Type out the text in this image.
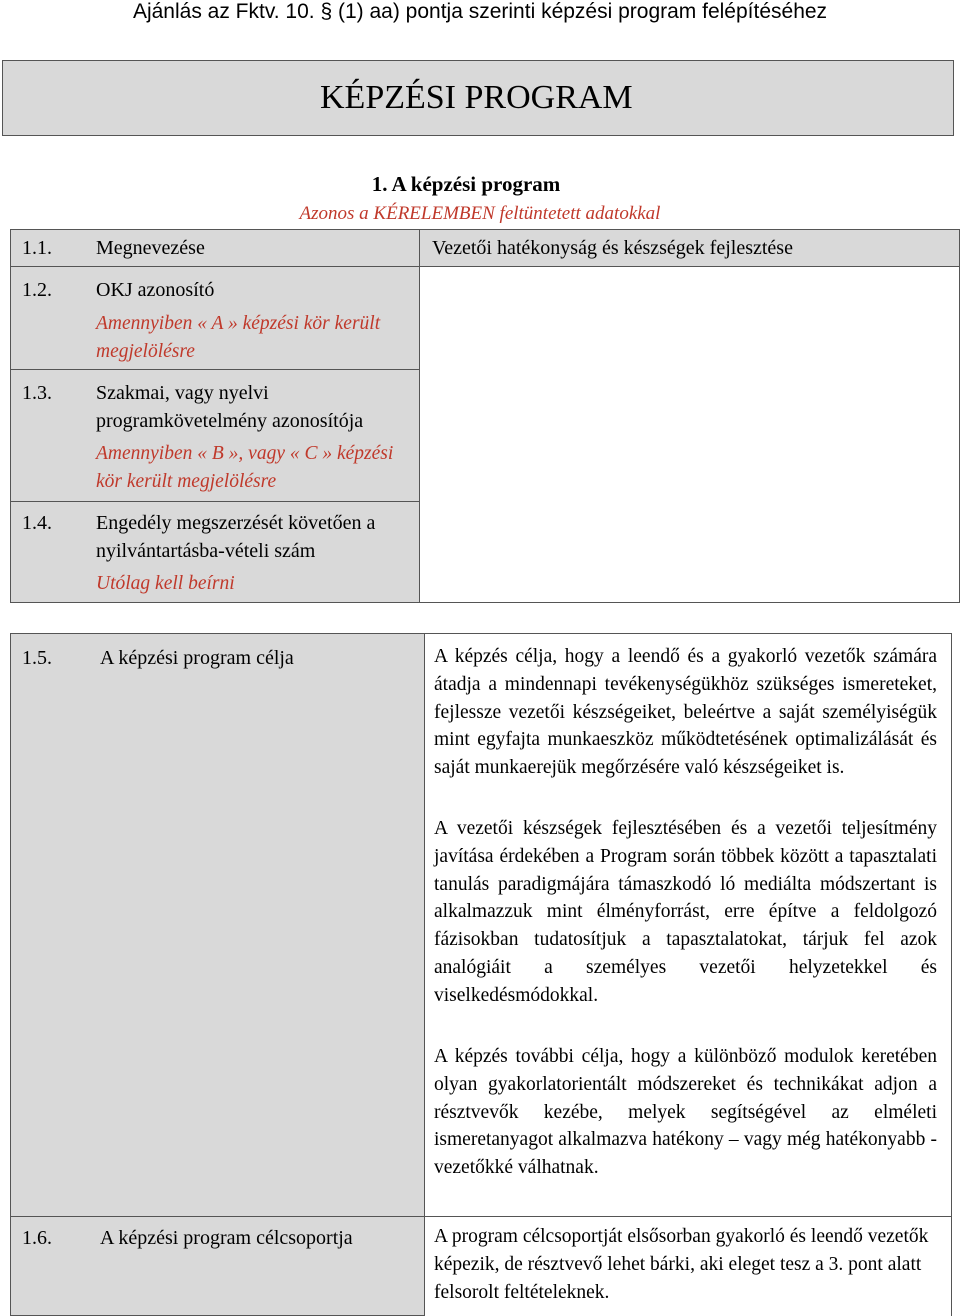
Ajánlás az Fktv. 10. § (1) aa) pontja szerinti képzési program felépítéséhez
KÉPZÉSI PROGRAM
1. A képzési program
Azonos a KÉRELEMBEN feltüntetett adatokkal
1.1. Megnevezése	Vezetői hatékonyság és készségek fejlesztése
1.2. OKJ azonosító
Amennyiben « A » képzési kör került megjelölésre
1.3. Szakmai, vagy nyelvi programkövetelmény azonosítója
Amennyiben « B », vagy « C » képzési kör került megjelölésre
1.4. Engedély megszerzését követően a nyilvántartásba-vételi szám
Utólag kell beírni
1.5. A képzési program célja	A képzés célja, hogy a leendő és a gyakorló vezetők számára átadja a mindennapi tevékenységükhöz szükséges ismereteket, fejlessze vezetői készségeiket, beleértve a saját személyiségük mint egyfajta munkaeszköz működtetésének optimalizálását és saját munkaerejük megőrzésére való készségeiket is.
A vezetői készségek fejlesztésében és a vezetői teljesítmény javítása érdekében a Program során többek között a tapasztalati tanulás paradigmájára támaszkodó ló mediálta módszertant is alkalmazzuk mint élményforrást, erre építve a feldolgozó fázisokban tudatosítjuk a tapasztalatokat, tárjuk fel azok analógiáit a személyes vezetői helyzetekkel és viselkedésmódokkal.
A képzés további célja, hogy a különböző modulok keretében olyan gyakorlatorientált módszereket és technikákat adjon a résztvevők kezébe, melyek segítségével az elméleti ismeretanyagot alkalmazva hatékony – vagy még hatékonyabb - vezetőkké válhatnak.
1.6. A képzési program célcsoportja	A program célcsoportját elsősorban gyakorló és leendő vezetők képezik, de résztvevő lehet bárki, aki eleget tesz a 3. pont alatt felsorolt feltételeknek.
